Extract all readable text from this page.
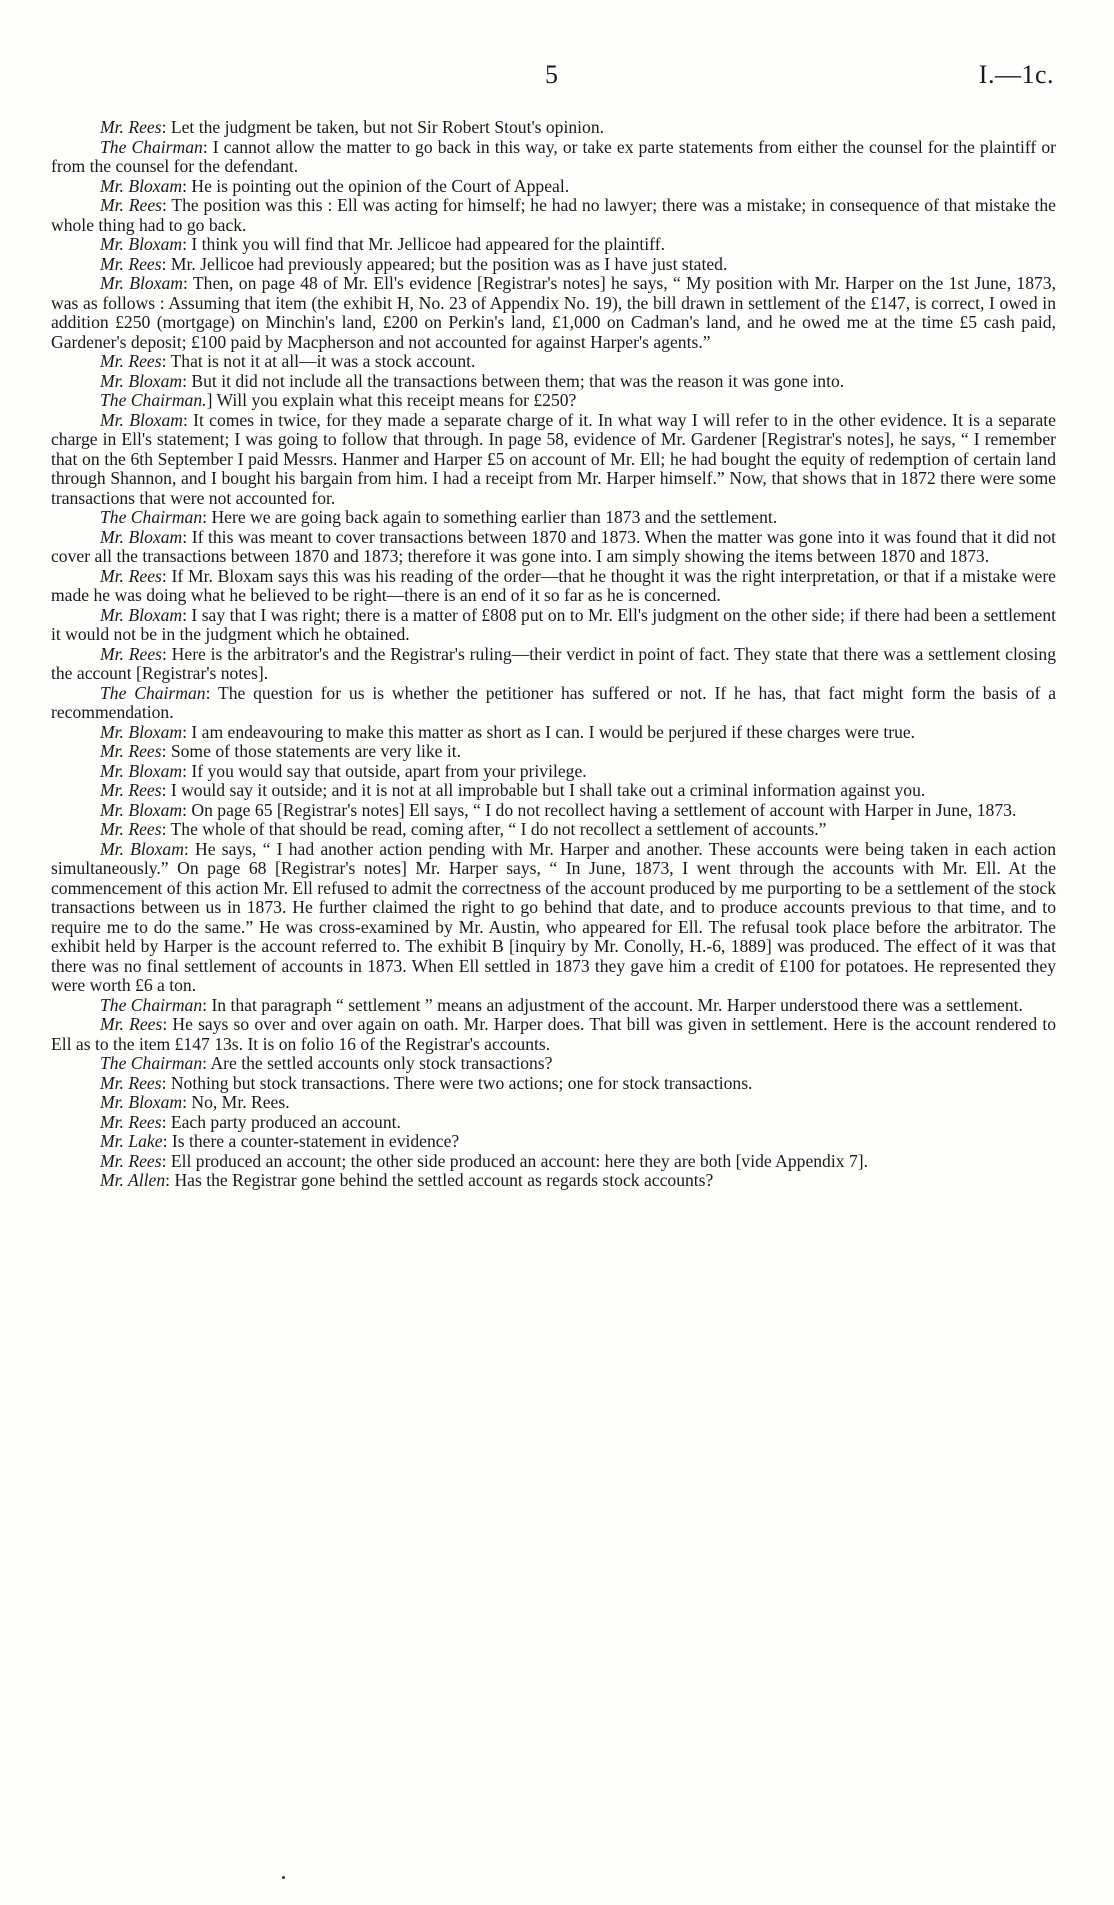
5	I.—1c.

Mr. Rees: Let the judgment be taken, but not Sir Robert Stout's opinion.

The Chairman: I cannot allow the matter to go back in this way, or take ex parte statements from either the counsel for the plaintiff or from the counsel for the defendant.

Mr. Bloxam: He is pointing out the opinion of the Court of Appeal.

Mr. Rees: The position was this : Ell was acting for himself; he had no lawyer; there was a mistake; in consequence of that mistake the whole thing had to go back.

Mr. Bloxam: I think you will find that Mr. Jellicoe had appeared for the plaintiff.

Mr. Rees: Mr. Jellicoe had previously appeared; but the position was as I have just stated.

Mr. Bloxam: Then, on page 48 of Mr. Ell's evidence [Registrar's notes] he says, “ My position with Mr. Harper on the 1st June, 1873, was as follows : Assuming that item (the exhibit H, No. 23 of Appendix No. 19), the bill drawn in settlement of the £147, is correct, I owed in addition £250 (mortgage) on Minchin's land, £200 on Perkin's land, £1,000 on Cadman's land, and he owed me at the time £5 cash paid, Gardener's deposit; £100 paid by Macpherson and not accounted for against Harper's agents.”

Mr. Rees: That is not it at all—it was a stock account.

Mr. Bloxam: But it did not include all the transactions between them; that was the reason it was gone into.

The Chairman.] Will you explain what this receipt means for £250?

Mr. Bloxam: It comes in twice, for they made a separate charge of it. In what way I will refer to in the other evidence. It is a separate charge in Ell's statement; I was going to follow that through. In page 58, evidence of Mr. Gardener [Registrar's notes], he says, “ I remember that on the 6th September I paid Messrs. Hanmer and Harper £5 on account of Mr. Ell; he had bought the equity of redemption of certain land through Shannon, and I bought his bargain from him. I had a receipt from Mr. Harper himself.” Now, that shows that in 1872 there were some transactions that were not accounted for.

The Chairman: Here we are going back again to something earlier than 1873 and the settlement.

Mr. Bloxam: If this was meant to cover transactions between 1870 and 1873. When the matter was gone into it was found that it did not cover all the transactions between 1870 and 1873; therefore it was gone into. I am simply showing the items between 1870 and 1873.

Mr. Rees: If Mr. Bloxam says this was his reading of the order—that he thought it was the right interpretation, or that if a mistake were made he was doing what he believed to be right—there is an end of it so far as he is concerned.

Mr. Bloxam: I say that I was right; there is a matter of £808 put on to Mr. Ell's judgment on the other side; if there had been a settlement it would not be in the judgment which he obtained.

Mr. Rees: Here is the arbitrator's and the Registrar's ruling—their verdict in point of fact. They state that there was a settlement closing the account [Registrar's notes].

The Chairman: The question for us is whether the petitioner has suffered or not. If he has, that fact might form the basis of a recommendation.

Mr. Bloxam: I am endeavouring to make this matter as short as I can. I would be perjured if these charges were true.

Mr. Rees: Some of those statements are very like it.

Mr. Bloxam: If you would say that outside, apart from your privilege.

Mr. Rees: I would say it outside; and it is not at all improbable but I shall take out a criminal information against you.

Mr. Bloxam: On page 65 [Registrar's notes] Ell says, “ I do not recollect having a settlement of account with Harper in June, 1873.

Mr. Rees: The whole of that should be read, coming after, “ I do not recollect a settlement of accounts.”

Mr. Bloxam: He says, “ I had another action pending with Mr. Harper and another. These accounts were being taken in each action simultaneously.” On page 68 [Registrar's notes] Mr. Harper says, “ In June, 1873, I went through the accounts with Mr. Ell. At the commencement of this action Mr. Ell refused to admit the correctness of the account produced by me purporting to be a settlement of the stock transactions between us in 1873. He further claimed the right to go behind that date, and to produce accounts previous to that time, and to require me to do the same.” He was cross-examined by Mr. Austin, who appeared for Ell. The refusal took place before the arbitrator. The exhibit held by Harper is the account referred to. The exhibit B [inquiry by Mr. Conolly, H.-6, 1889] was produced. The effect of it was that there was no final settlement of accounts in 1873. When Ell settled in 1873 they gave him a credit of £100 for potatoes. He represented they were worth £6 a ton.

The Chairman: In that paragraph “ settlement ” means an adjustment of the account. Mr. Harper understood there was a settlement.

Mr. Rees: He says so over and over again on oath. Mr. Harper does. That bill was given in settlement. Here is the account rendered to Ell as to the item £147 13s. It is on folio 16 of the Registrar's accounts.

The Chairman: Are the settled accounts only stock transactions?

Mr. Rees: Nothing but stock transactions. There were two actions; one for stock transactions.

Mr. Bloxam: No, Mr. Rees.

Mr. Rees: Each party produced an account.

Mr. Lake: Is there a counter-statement in evidence?

Mr. Rees: Ell produced an account; the other side produced an account: here they are both [vide Appendix 7].

Mr. Allen: Has the Registrar gone behind the settled account as regards stock accounts?
